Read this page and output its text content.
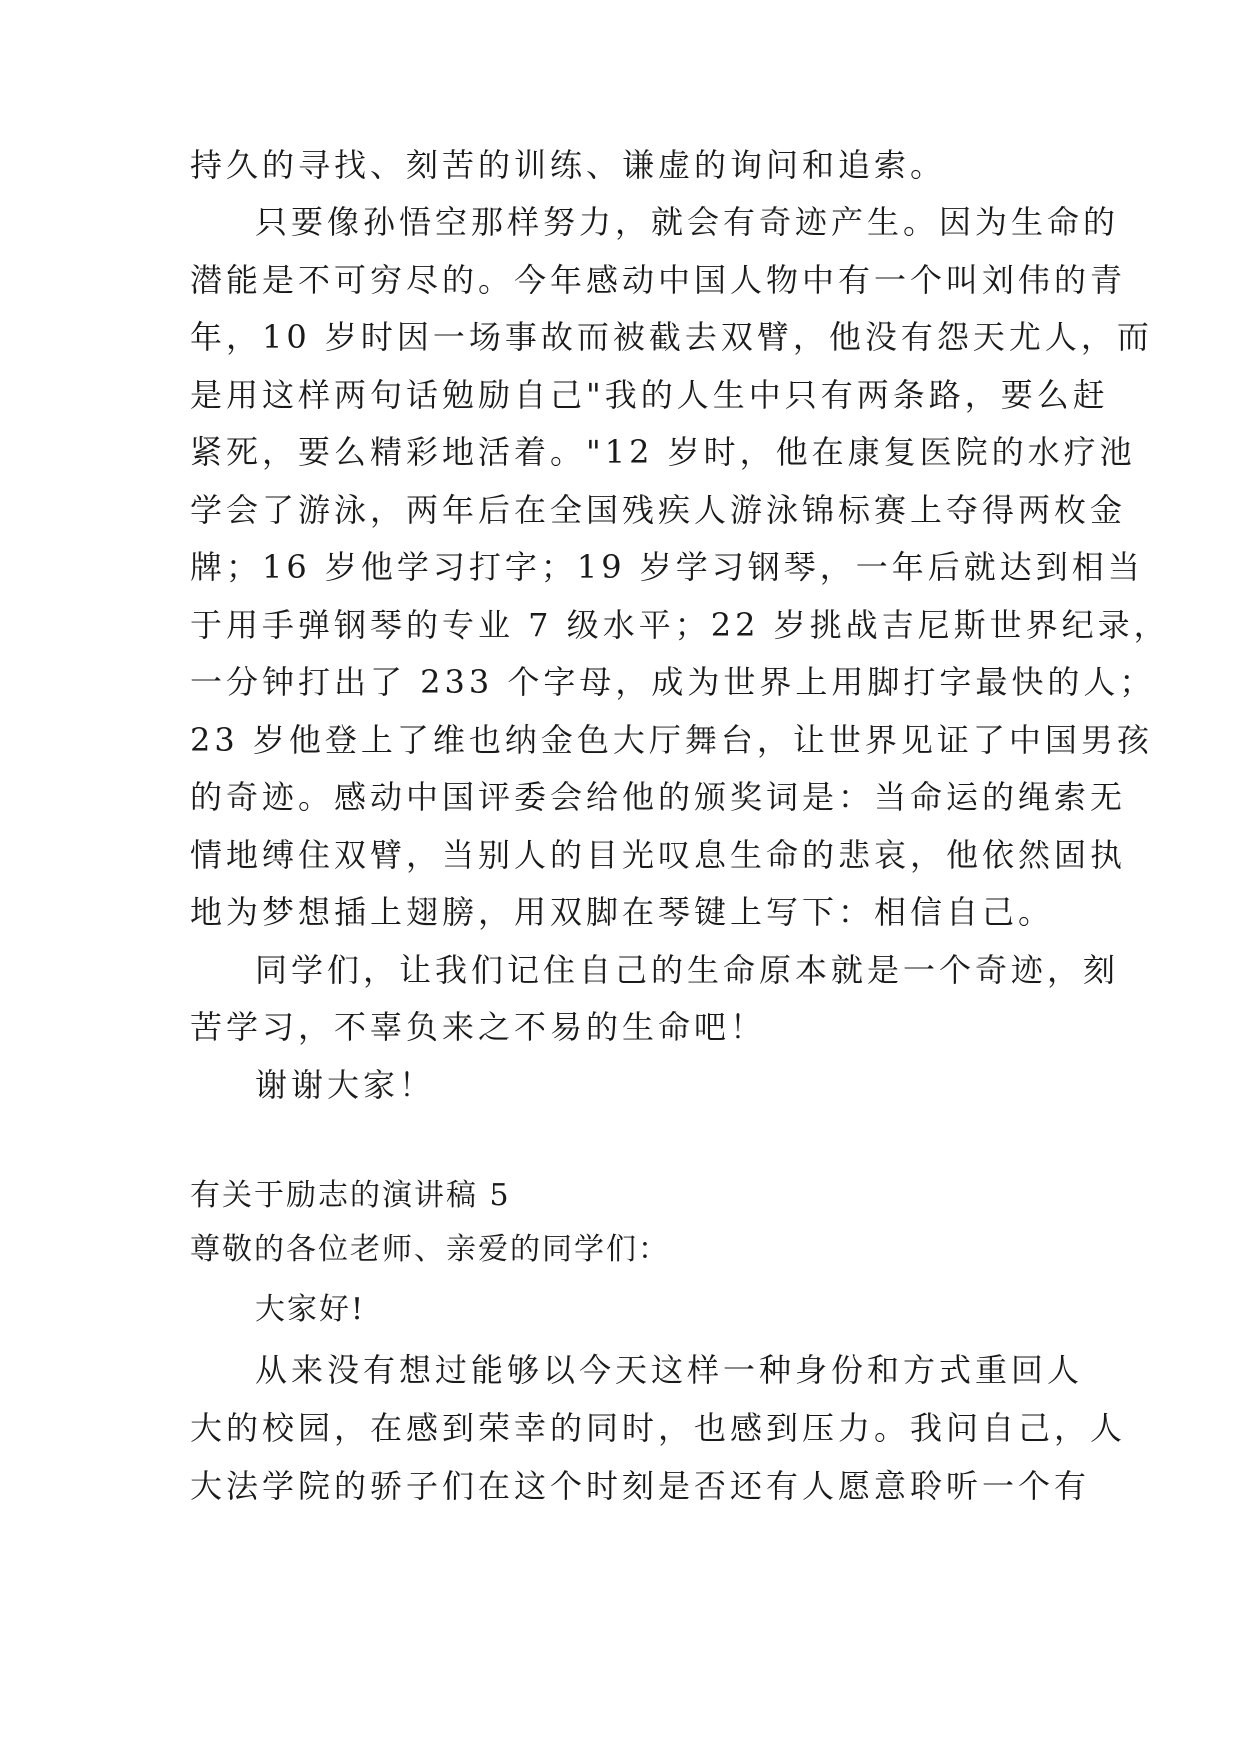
持久的寻找、刻苦的训练、谦虚的询问和追索。
只要像孙悟空那样努力，就会有奇迹产生。因为生命的
潜能是不可穷尽的。今年感动中国人物中有一个叫刘伟的青
年，10 岁时因一场事故而被截去双臂，他没有怨天尤人，而
是用这样两句话勉励自己"我的人生中只有两条路，要么赶
紧死，要么精彩地活着。"12 岁时，他在康复医院的水疗池
学会了游泳，两年后在全国残疾人游泳锦标赛上夺得两枚金
牌；16 岁他学习打字；19 岁学习钢琴，一年后就达到相当
于用手弹钢琴的专业 7 级水平；22 岁挑战吉尼斯世界纪录，
一分钟打出了 233 个字母，成为世界上用脚打字最快的人；
23 岁他登上了维也纳金色大厅舞台，让世界见证了中国男孩
的奇迹。感动中国评委会给他的颁奖词是：当命运的绳索无
情地缚住双臂，当别人的目光叹息生命的悲哀，他依然固执
地为梦想插上翅膀，用双脚在琴键上写下：相信自己。
同学们，让我们记住自己的生命原本就是一个奇迹，刻
苦学习，不辜负来之不易的生命吧！
谢谢大家！
有关于励志的演讲稿 5
尊敬的各位老师、亲爱的同学们：
大家好!
从来没有想过能够以今天这样一种身份和方式重回人
大的校园，在感到荣幸的同时，也感到压力。我问自己，人
大法学院的骄子们在这个时刻是否还有人愿意聆听一个有
